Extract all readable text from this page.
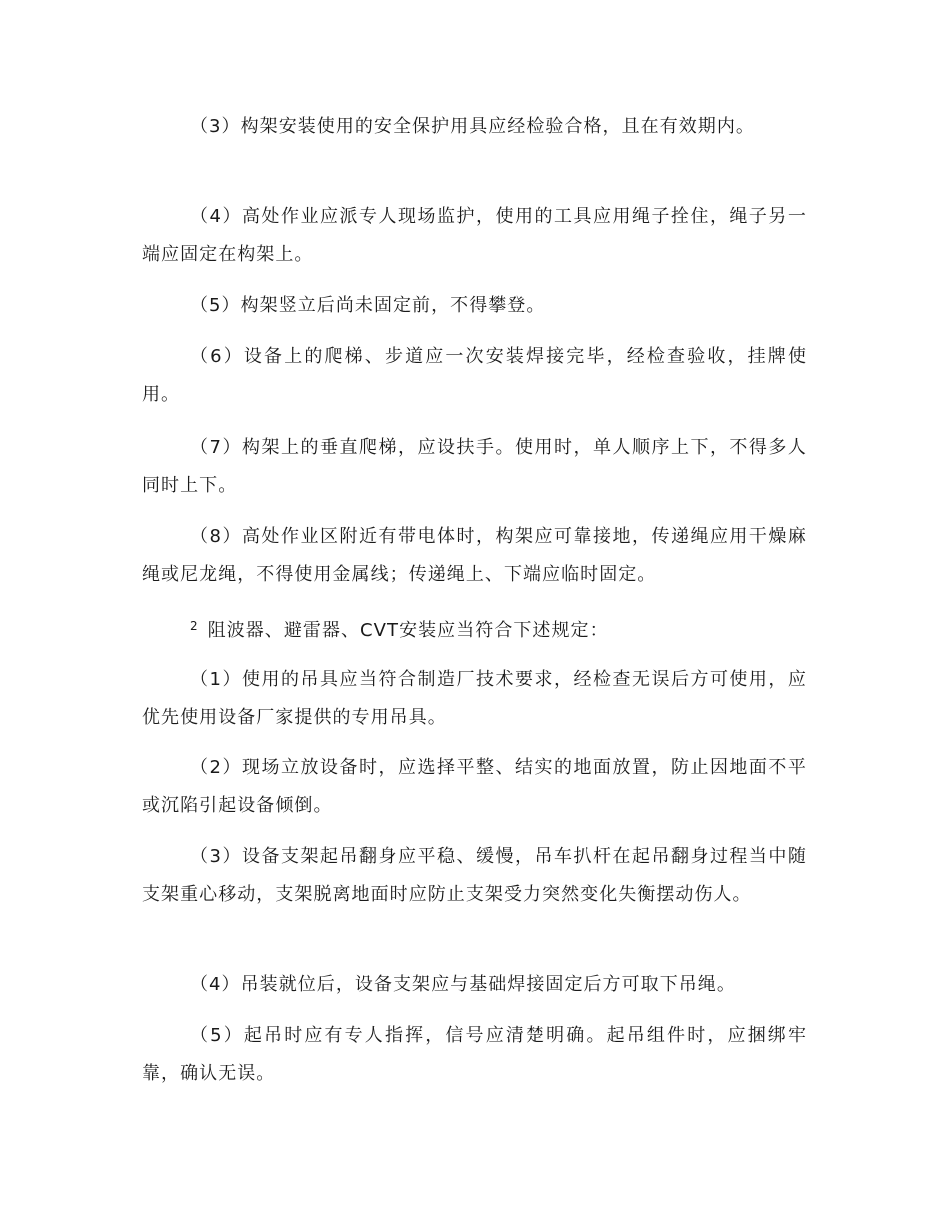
（3）构架安装使用的安全保护用具应经检验合格，且在有效期内。

（4）高处作业应派专人现场监护，使用的工具应用绳子拴住，绳子另一端应固定在构架上。

（5）构架竖立后尚未固定前，不得攀登。

（6）设备上的爬梯、步道应一次安装焊接完毕，经检查验收，挂牌使用。

（7）构架上的垂直爬梯，应设扶手。使用时，单人顺序上下，不得多人同时上下。

（8）高处作业区附近有带电体时，构架应可靠接地，传递绳应用干燥麻绳或尼龙绳，不得使用金属线；传递绳上、下端应临时固定。

$^2$ 阻波器、避雷器、CVT安装应当符合下述规定：

（1）使用的吊具应当符合制造厂技术要求，经检查无误后方可使用，应优先使用设备厂家提供的专用吊具。

（2）现场立放设备时，应选择平整、结实的地面放置，防止因地面不平或沉陷引起设备倾倒。

（3）设备支架起吊翻身应平稳、缓慢，吊车扒杆在起吊翻身过程当中随支架重心移动，支架脱离地面时应防止支架受力突然变化失衡摆动伤人。

（4）吊装就位后，设备支架应与基础焊接固定后方可取下吊绳。

（5）起吊时应有专人指挥，信号应清楚明确。起吊组件时，应捆绑牢靠，确认无误。
